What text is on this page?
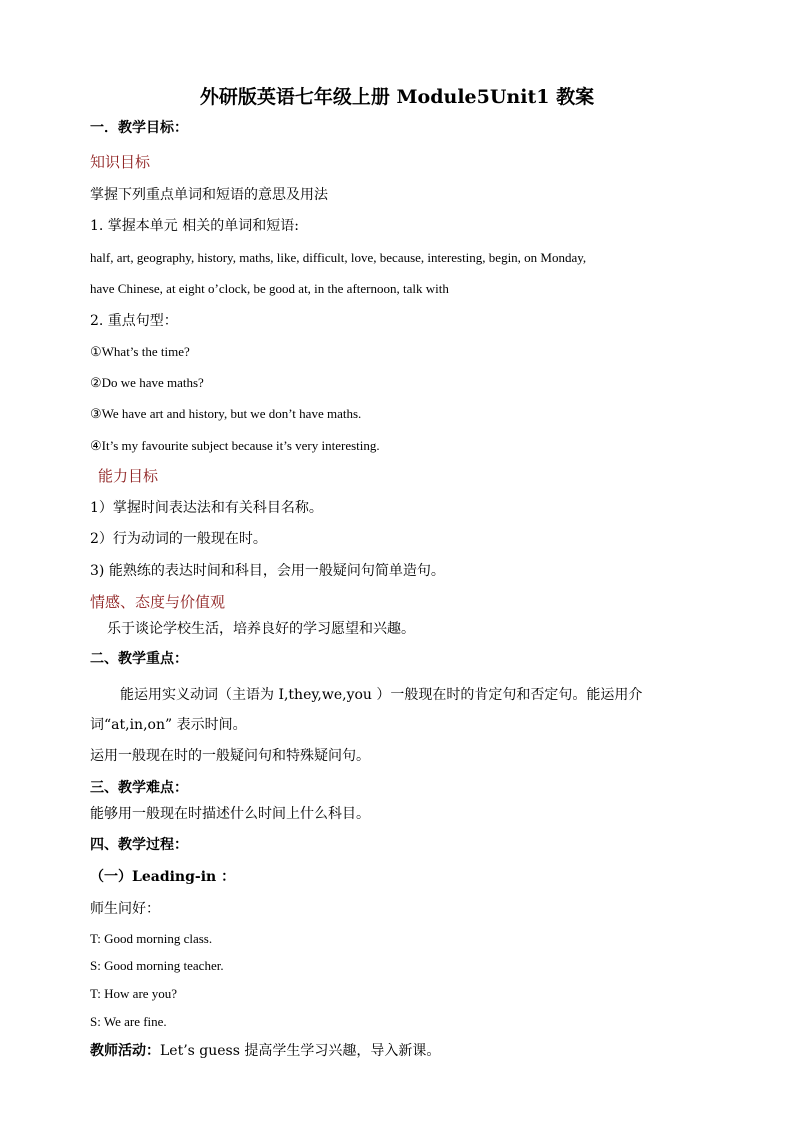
外研版英语七年级上册 Module5Unit1 教案
一．教学目标：
知识目标
掌握下列重点单词和短语的意思及用法
1. 掌握本单元 相关的单词和短语:
half, art, geography, history, maths, like, difficult, love, because, interesting, begin, on Monday,
have Chinese, at eight o’clock, be good at, in the afternoon, talk with
2. 重点句型：
①What’s the time?
②Do we have maths?
③We have art and history, but we don’t have maths.
④It’s my favourite subject because it’s very interesting.
能力目标
1）掌握时间表达法和有关科目名称。
2）行为动词的一般现在时。
3) 能熟练的表达时间和科目，会用一般疑问句简单造句。
情感、态度与价值观
乐于谈论学校生活，培养良好的学习愿望和兴趣。
二、教学重点：
能运用实义动词（主语为 I,they,we,you ）一般现在时的肯定句和否定句。能运用介
词“at,in,on” 表示时间。
运用一般现在时的一般疑问句和特殊疑问句。
三、教学难点：
能够用一般现在时描述什么时间上什么科目。
四、教学过程：
（一）Leading-in ：
师生问好：
T: Good morning class.
S: Good morning teacher.
T: How are you?
S: We are fine.
教师活动：Let’s guess 提高学生学习兴趣，导入新课。
